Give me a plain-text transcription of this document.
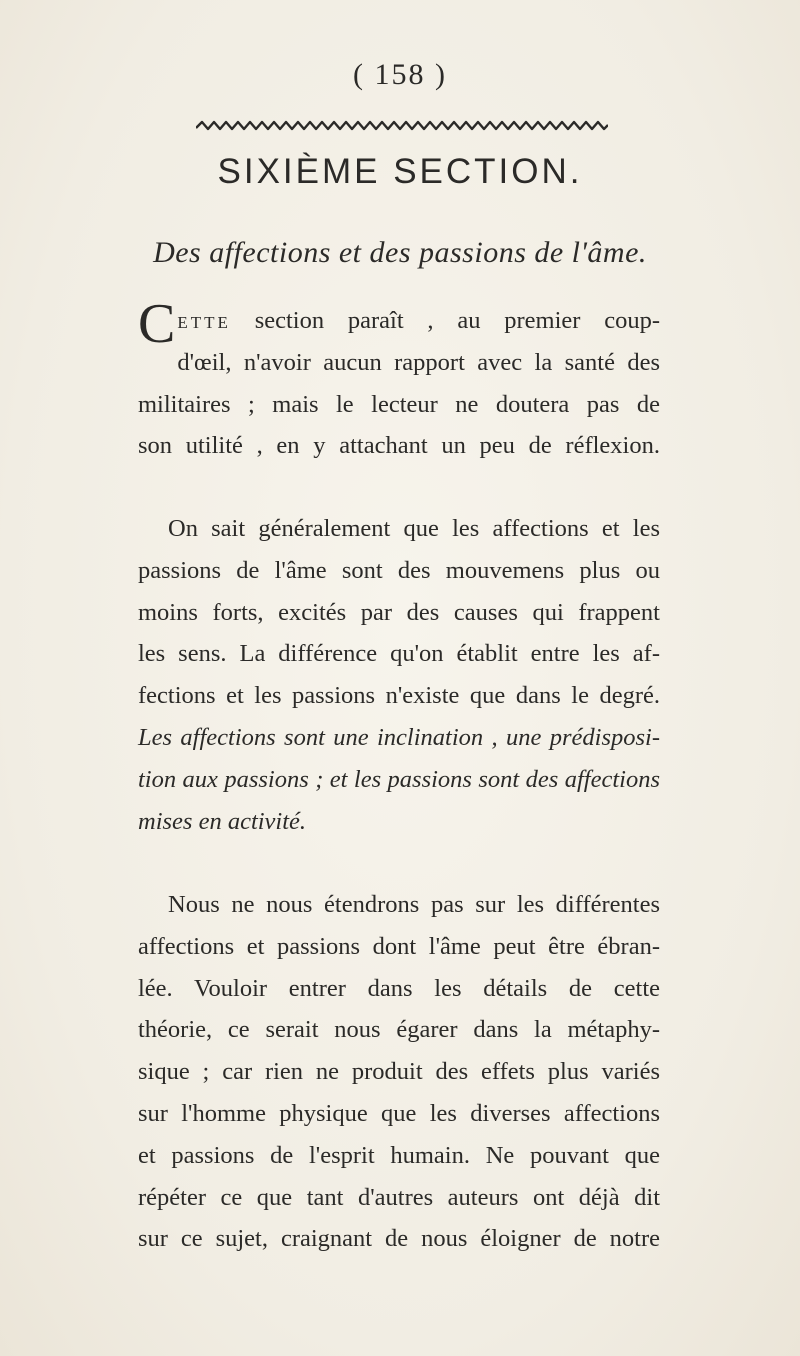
( 158 )
SIXIÈME SECTION.
Des affections et des passions de l'âme.
C ette section paraît , au premier coup-
d'œil, n'avoir aucun rapport avec la santé des
militaires ; mais le lecteur ne doutera pas de
son utilité , en y attachant un peu de réflexion.
On sait généralement que les affections et les
passions de l'âme sont des mouvemens plus ou
moins forts, excités par des causes qui frappent
les sens. La différence qu'on établit entre les af-
fections et les passions n'existe que dans le degré.
Les affections sont une inclination , une prédisposi-
tion aux passions ; et les passions sont des affections
mises en activité.
Nous ne nous étendrons pas sur les différentes
affections et passions dont l'âme peut être ébran-
lée. Vouloir entrer dans les détails de cette
théorie, ce serait nous égarer dans la métaphy-
sique ; car rien ne produit des effets plus variés
sur l'homme physique que les diverses affections
et passions de l'esprit humain. Ne pouvant que
répéter ce que tant d'autres auteurs ont déjà dit
sur ce sujet, craignant de nous éloigner de notre
